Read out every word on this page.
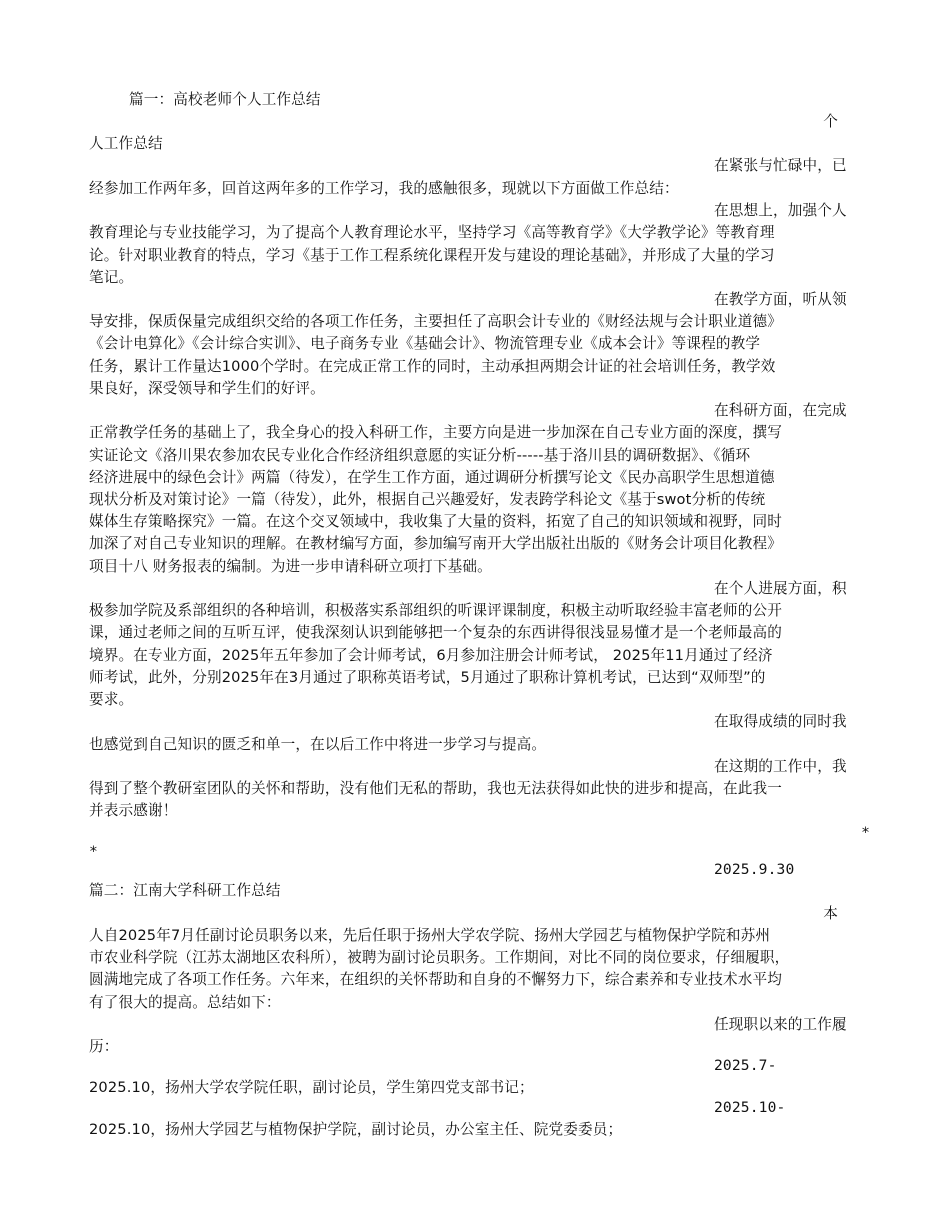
篇一：高校老师个人工作总结
个
人工作总结
在紧张与忙碌中，已
经参加工作两年多，回首这两年多的工作学习，我的感触很多，现就以下方面做工作总结：
在思想上，加强个人
教育理论与专业技能学习，为了提高个人教育理论水平，坚持学习《高等教育学》《大学教学论》等教育理
论。针对职业教育的特点，学习《基于工作工程系统化课程开发与建设的理论基础》，并形成了大量的学习
笔记。
在教学方面，听从领
导安排，保质保量完成组织交给的各项工作任务，主要担任了高职会计专业的《财经法规与会计职业道德》
《会计电算化》《会计综合实训》、电子商务专业《基础会计》、物流管理专业《成本会计》等课程的教学
任务，累计工作量达1000个学时。在完成正常工作的同时，主动承担两期会计证的社会培训任务，教学效
果良好，深受领导和学生们的好评。
在科研方面，在完成
正常教学任务的基础上了，我全身心的投入科研工作，主要方向是进一步加深在自己专业方面的深度，撰写
实证论文《洛川果农参加农民专业化合作经济组织意愿的实证分析-----基于洛川县的调研数据》、《循环
经济进展中的绿色会计》两篇（待发），在学生工作方面，通过调研分析撰写论文《民办高职学生思想道德
现状分析及对策讨论》一篇（待发），此外，根据自己兴趣爱好，发表跨学科论文《基于swot分析的传统
媒体生存策略探究》一篇。在这个交叉领域中，我收集了大量的资料，拓宽了自己的知识领域和视野，同时
加深了对自己专业知识的理解。在教材编写方面，参加编写南开大学出版社出版的《财务会计项目化教程》
项目十八 财务报表的编制。为进一步申请科研立项打下基础。
在个人进展方面，积
极参加学院及系部组织的各种培训，积极落实系部组织的听课评课制度，积极主动听取经验丰富老师的公开
课，通过老师之间的互听互评，使我深刻认识到能够把一个复杂的东西讲得很浅显易懂才是一个老师最高的
境界。在专业方面，2025年五年参加了会计师考试，6月参加注册会计师考试， 2025年11月通过了经济
师考试，此外，分别2025年在3月通过了职称英语考试，5月通过了职称计算机考试，已达到“双师型”的
要求。
在取得成绩的同时我
也感觉到自己知识的匮乏和单一，在以后工作中将进一步学习与提高。
在这期的工作中，我
得到了整个教研室团队的关怀和帮助，没有他们无私的帮助，我也无法获得如此快的进步和提高，在此我一
并表示感谢！
*
*
2025.9.30
篇二：江南大学科研工作总结
本
人自2025年7月任副讨论员职务以来，先后任职于扬州大学农学院、扬州大学园艺与植物保护学院和苏州
市农业科学院（江苏太湖地区农科所），被聘为副讨论员职务。工作期间，对比不同的岗位要求，仔细履职，
圆满地完成了各项工作任务。六年来，在组织的关怀帮助和自身的不懈努力下，综合素养和专业技术水平均
有了很大的提高。总结如下：
任现职以来的工作履
历：
2025.7-
2025.10，扬州大学农学院任职，副讨论员，学生第四党支部书记；
2025.10-
2025.10，扬州大学园艺与植物保护学院，副讨论员，办公室主任、院党委委员；
